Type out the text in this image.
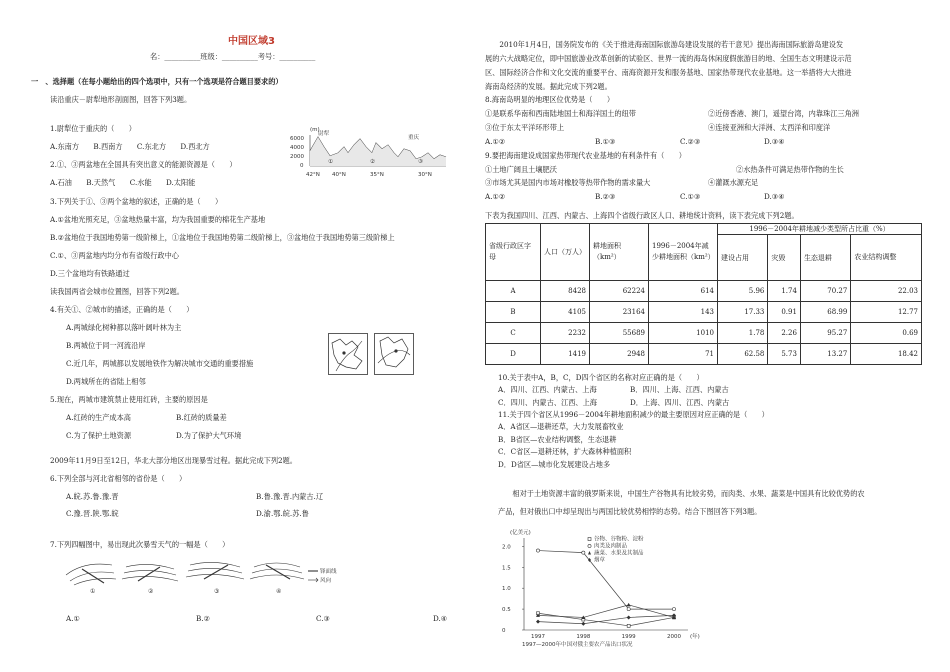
中国区域3
名：__________班级：__________考号：__________
一　、选择题（在每小题给出的四个选项中，只有一个选项是符合题目要求的）
读沿重庆－尉犁地形剖面图，回答下列3题。
1.尉犁位于重庆的（　　）
A.东南方　　B.西南方　　C.东北方　　D.西北方
2.①、③两盆地在全国具有突出意义的能源资源是（　　）
A.石油　　B.天然气　　C.水能　　D.太阳能
3.下列关于①、③两个盆地的叙述，正确的是（　　）
A.①盆地光照充足，③盆地热量丰富，均为我国重要的棉花生产基地
B.②盆地位于我国地势第一级阶梯上，①盆地位于我国地势第二级阶梯上，③盆地位于我国地势第三级阶梯上
C.①、③两盆地内均分布有省级行政中心
D.三个盆地均有铁路通过
读我国两省会城市位置图，回答下列2题。
4.有关①、②城市的描述，正确的是（　　）
A.两城绿化树种都以落叶阔叶林为主
B.两城位于同一河流沿岸
C.近几年，两城都以发展地铁作为解决城市交通的重要措施
D.两城所在的省陆上相邻
5.现在，两城市建筑禁止使用红砖，主要的原因是
A.红砖的生产成本高	B.红砖的质量差
C.为了保护土地资源	D.为了保护大气环境
2009年11月9日至12日，华北大部分地区出现暴雪过程。据此完成下列2题。
6.下列全部与河北省相邻的省份是（　　）
A.皖.苏.鲁.豫.晋	B.鲁.豫.晋.内蒙古.辽
C.豫.晋.陕.鄂.皖	D.渝.鄂.皖.苏.鲁
7.下列四幅图中，易出现此次暴雪天气的一幅是（　　）
A.①	B.②	C.③	D.④
(m)
6000
4000
2000
0
尉犁
重庆
①	②	③
42°N 40°N	35°N	30°N
①	②	③	④
锋面线
风向
　　2010年1月4日，国务院发布的《关于推进海南国际旅游岛建设发展的若干意见》提出海南国际旅游岛建设发
展的六大战略定位，即中国旅游业改革创新的试验区、世界一流的海岛休闲度假旅游目的地、全国生态文明建设示范
区、国际经济合作和文化交流的重要平台、南海资源开发和服务基地、国家热带现代农业基地。这一举措将大大推进
海南岛经济的发展。据此完成下列2题。
8.海南岛明显的地理区位优势是（　　）
①是联系华南和西南陆地国土和海洋国土的纽带	②近傍香港、澳门，遥望台湾，内靠珠江三角洲
③位于东太平洋环形带上	④连接亚洲和大洋洲、太西洋和印度洋
A.①②	B.①③	C.②③	D.③④
9.要把海南建设成国家热带现代农业基地的有利条件有（　　）
①土地广阔且土壤肥沃	②水热条件可满足热带作物的生长
③市场尤其是国内市场对橡胶等热带作物的需求量大	④灌溉水源充足
A.①②	B.②③	C.①③	D.③④
下表为我国四川、江西、内蒙古、上海四个省级行政区人口、耕地统计资料，读下表完成下列2题。
省级行政区字母	人口（万人）	耕地面积（km²）	1996－2004年减少耕地面积（km²）	1996－2004年耕地减少类型所占比重（%）			
				建设占用	灾毁	生态退耕	农业结构调整
A	8428	62224	614	5.96	1.74	70.27	22.03
B	4105	23164	143	17.33	0.91	68.99	12.77
C	2232	55689	1010	1.78	2.26	95.27	0.69
D	1419	2948	71	62.58	5.73	13.27	18.42
10.关于表中A，B，C，D四个省区的名称对应正确的是（　　）
A．四川、江西、内蒙古、上海	B．四川、上海、江西、内蒙古
C．四川、内蒙古、江西、上海	D．上海、四川、江西、内蒙古
11.关于四个省区从1996－2004年耕地面积减少的最主要原因对应正确的是（　　）
A．A省区—退耕还草，大力发展畜牧业
B．B省区—农业结构调整，生态退耕
C．C省区—退耕还林，扩大森林种植面积
D．D省区—城市化发展建设占地多
　　相对于土地资源丰富的俄罗斯来说，中国生产谷物具有比较劣势，而肉类、水果、蔬菜是中国具有比较优势的农
产品，但对俄出口中却呈现出与两国比较优势相悖的态势。结合下图回答下列3题。
(亿美元)
(年)
1997—2000年中国对俄主要农产品出口状况
2.0
1.5
1.0
0.5
0
1997	1998	1999	2000
谷物、谷物粉、淀粉
肉类及肉制品
蔬菜、水果及其制品
烟草
